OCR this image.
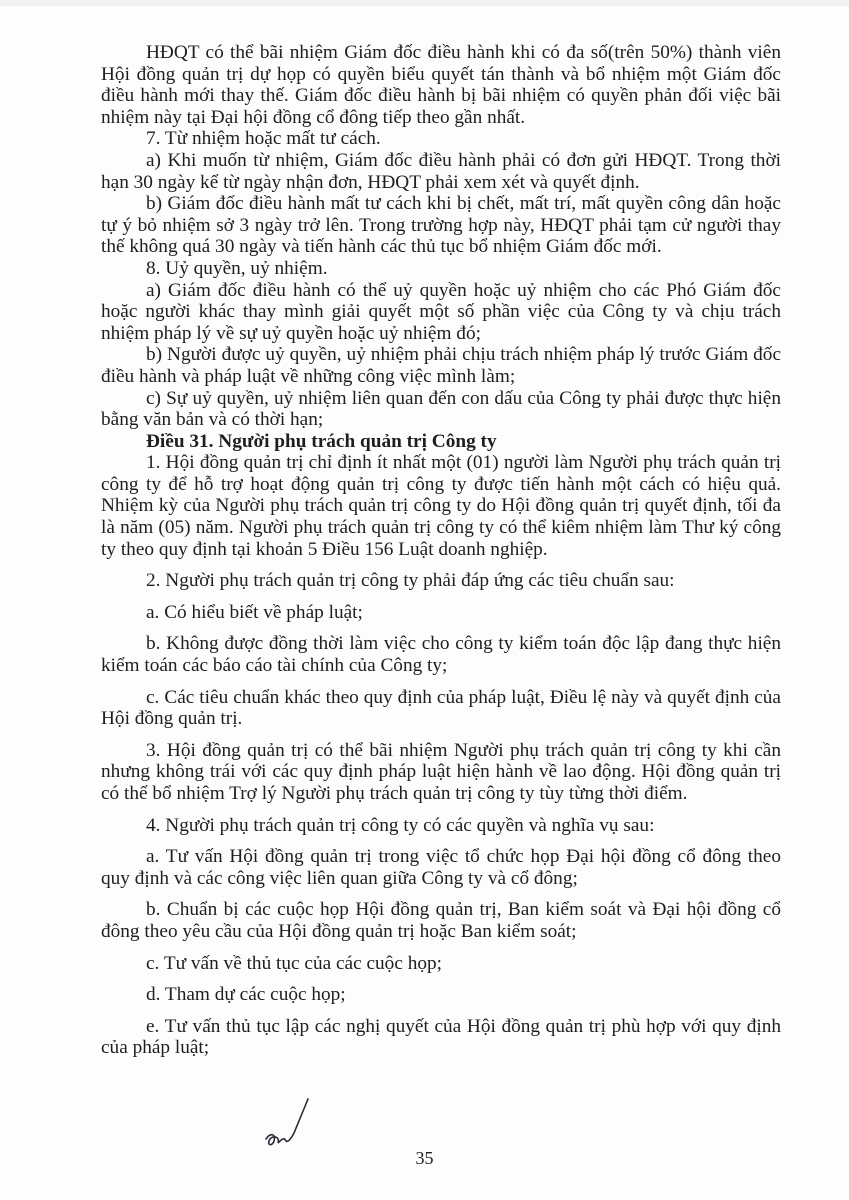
HĐQT có thể bãi nhiệm Giám đốc điều hành khi có đa số(trên 50%) thành viên Hội đồng quản trị dự họp có quyền biểu quyết tán thành và bổ nhiệm một Giám đốc điều hành mới thay thế. Giám đốc điều hành bị bãi nhiệm có quyền phản đối việc bãi nhiệm này tại Đại hội đồng cổ đông tiếp theo gần nhất.

7. Từ nhiệm hoặc mất tư cách.

a) Khi muốn từ nhiệm, Giám đốc điều hành phải có đơn gửi HĐQT. Trong thời hạn 30 ngày kể từ ngày nhận đơn, HĐQT phải xem xét và quyết định.

b) Giám đốc điều hành mất tư cách khi bị chết, mất trí, mất quyền công dân hoặc tự ý bỏ nhiệm sở 3 ngày trở lên. Trong trường hợp này, HĐQT phải tạm cử người thay thế không quá 30 ngày và tiến hành các thủ tục bổ nhiệm Giám đốc mới.

8. Uỷ quyền, uỷ nhiệm.

a) Giám đốc điều hành có thể uỷ quyền hoặc uỷ nhiệm cho các Phó Giám đốc hoặc người khác thay mình giải quyết một số phần việc của Công ty và chịu trách nhiệm pháp lý về sự uỷ quyền hoặc uỷ nhiệm đó;

b) Người được uỷ quyền, uỷ nhiệm phải chịu trách nhiệm pháp lý trước Giám đốc điều hành và pháp luật về những công việc mình làm;

c) Sự uỷ quyền, uỷ nhiệm liên quan đến con dấu của Công ty phải được thực hiện bằng văn bản và có thời hạn;

Điều 31. Người phụ trách quản trị Công ty

1. Hội đồng quản trị chỉ định ít nhất một (01) người làm Người phụ trách quản trị công ty để hỗ trợ hoạt động quản trị công ty được tiến hành một cách có hiệu quả. Nhiệm kỳ của Người phụ trách quản trị công ty do Hội đồng quản trị quyết định, tối đa là năm (05) năm. Người phụ trách quản trị công ty có thể kiêm nhiệm làm Thư ký công ty theo quy định tại khoản 5 Điều 156 Luật doanh nghiệp.

2. Người phụ trách quản trị công ty phải đáp ứng các tiêu chuẩn sau:

a. Có hiểu biết về pháp luật;

b. Không được đồng thời làm việc cho công ty kiểm toán độc lập đang thực hiện kiểm toán các báo cáo tài chính của Công ty;

c. Các tiêu chuẩn khác theo quy định của pháp luật, Điều lệ này và quyết định của Hội đồng quản trị.

3. Hội đồng quản trị có thể bãi nhiệm Người phụ trách quản trị công ty khi cần nhưng không trái với các quy định pháp luật hiện hành về lao động. Hội đồng quản trị có thể bổ nhiệm Trợ lý Người phụ trách quản trị công ty tùy từng thời điểm.

4. Người phụ trách quản trị công ty có các quyền và nghĩa vụ sau:

a. Tư vấn Hội đồng quản trị trong việc tổ chức họp Đại hội đồng cổ đông theo quy định và các công việc liên quan giữa Công ty và cổ đông;

b. Chuẩn bị các cuộc họp Hội đồng quản trị, Ban kiểm soát và Đại hội đồng cổ đông theo yêu cầu của Hội đồng quản trị hoặc Ban kiểm soát;

c. Tư vấn về thủ tục của các cuộc họp;

d. Tham dự các cuộc họp;

e. Tư vấn thủ tục lập các nghị quyết của Hội đồng quản trị phù hợp với quy định của pháp luật;

35
